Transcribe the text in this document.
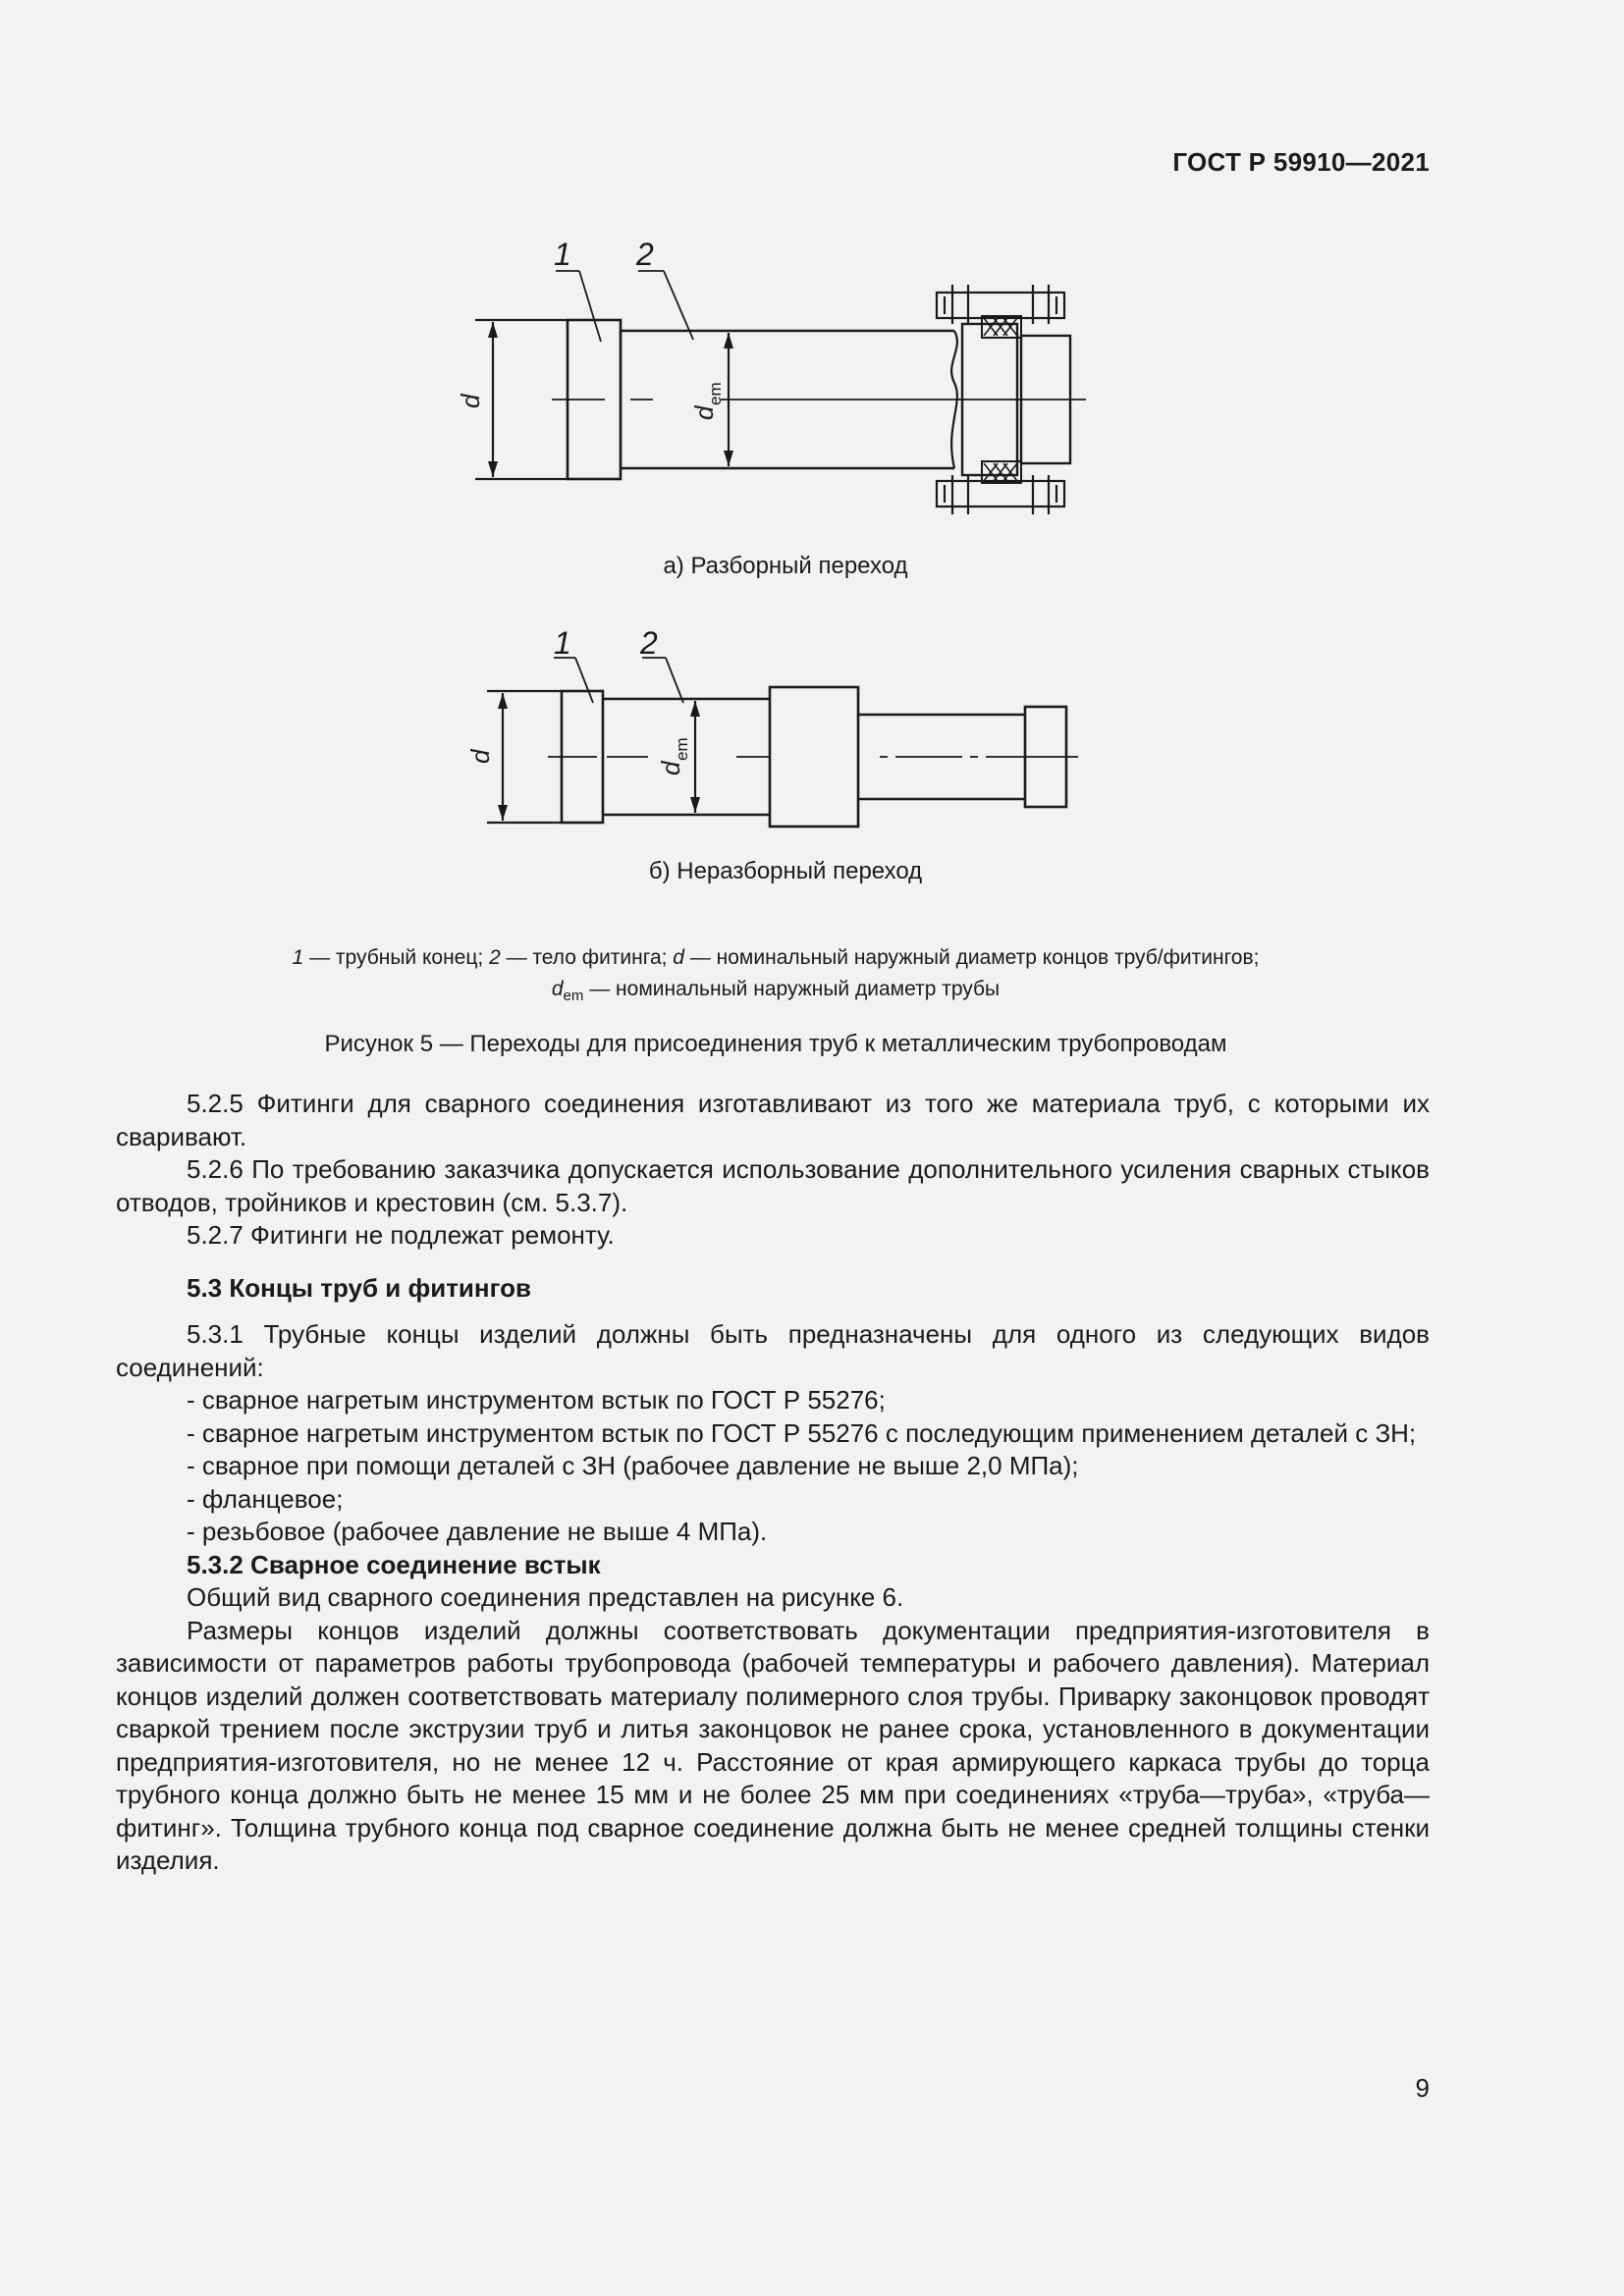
ГОСТ Р 59910—2021
1 2
d
d
em
а) Разборный переход
1 2
d
d
em
б) Неразборный переход
1 — трубный конец; 2 — тело фитинга; d — номинальный наружный диаметр концов труб/фитингов;
$d_{em}$ — номинальный наружный диаметр трубы
Рисунок 5 — Переходы для присоединения труб к металлическим трубопроводам

5.2.5 Фитинги для сварного соединения изготавливают из того же материала труб, с которыми их сваривают.

5.2.6 По требованию заказчика допускается использование дополнительного усиления сварных стыков отводов, тройников и крестовин (см. 5.3.7).

5.2.7 Фитинги не подлежат ремонту.

5.3 Концы труб и фитингов

5.3.1 Трубные концы изделий должны быть предназначены для одного из следующих видов соединений:

- сварное нагретым инструментом встык по ГОСТ Р 55276;

- сварное нагретым инструментом встык по ГОСТ Р 55276 с последующим применением деталей с ЗН;

- сварное при помощи деталей с ЗН (рабочее давление не выше 2,0 МПа);

- фланцевое;

- резьбовое (рабочее давление не выше 4 МПа).

5.3.2 Сварное соединение встык

Общий вид сварного соединения представлен на рисунке 6.

Размеры концов изделий должны соответствовать документации предприятия-изготовителя в зависимости от параметров работы трубопровода (рабочей температуры и рабочего давления). Материал концов изделий должен соответствовать материалу полимерного слоя трубы. Приварку законцовок проводят сваркой трением после экструзии труб и литья законцовок не ранее срока, установленного в документации предприятия-изготовителя, но не менее 12 ч. Расстояние от края армирующего каркаса трубы до торца трубного конца должно быть не менее 15 мм и не более 25 мм при соединениях «труба—труба», «труба—фитинг». Толщина трубного конца под сварное соединение должна быть не менее средней толщины стенки изделия.

9
